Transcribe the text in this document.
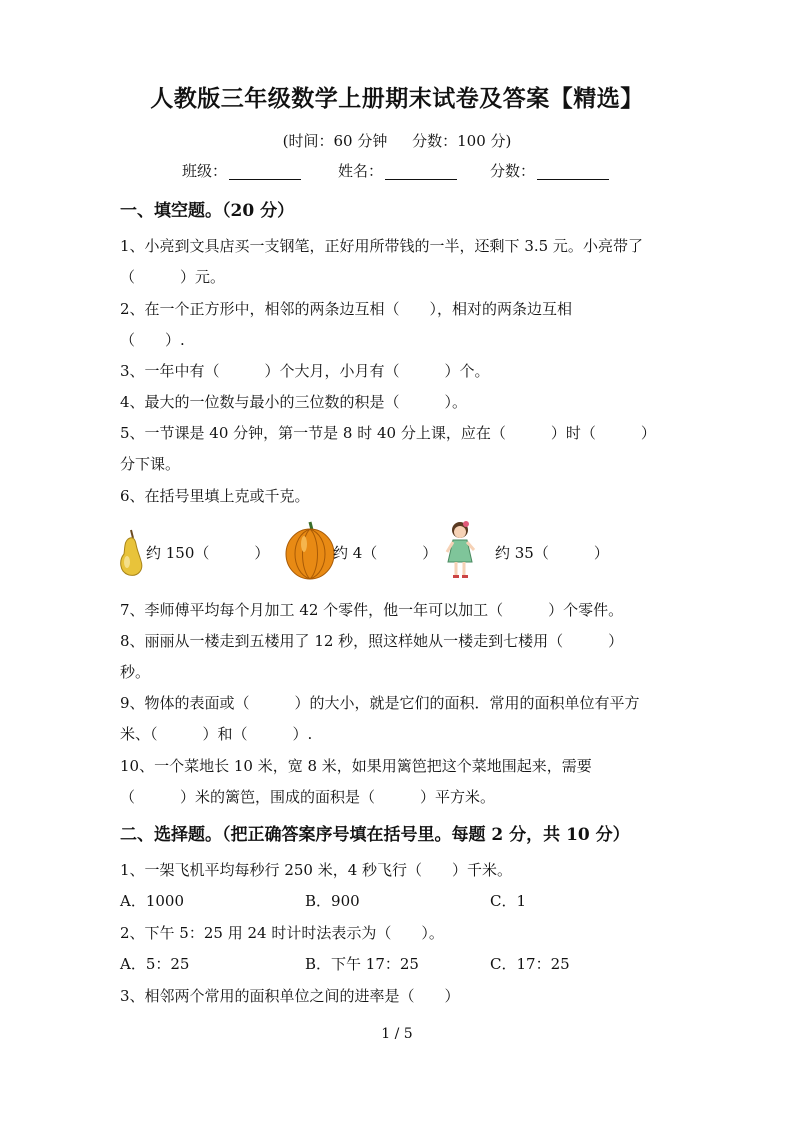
人教版三年级数学上册期末试卷及答案【精选】
(时间：60 分钟 分数：100 分)
班级：	姓名：	分数：
一、填空题。（20 分）
1、小亮到文具店买一支钢笔，正好用所带钱的一半，还剩下 3.5 元。小亮带了
（　　　）元。
2、在一个正方形中，相邻的两条边互相（　　），相对的两条边互相
（　　）.
3、一年中有（　　　）个大月，小月有（　　　）个。
4、最大的一位数与最小的三位数的积是（　　　）。
5、一节课是 40 分钟，第一节是 8 时 40 分上课，应在（　　　）时（　　　）
分下课。
6、在括号里填上克或千克。
约 150（　　　）	约 4（　　　）	约 35（　　　）
7、李师傅平均每个月加工 42 个零件，他一年可以加工（　　　）个零件。
8、丽丽从一楼走到五楼用了 12 秒，照这样她从一楼走到七楼用（　　　）
秒。
9、物体的表面或（　　　）的大小，就是它们的面积．常用的面积单位有平方
米、（　　　）和（　　　）.
10、一个菜地长 10 米，宽 8 米，如果用篱笆把这个菜地围起来，需要
（　　　）米的篱笆，围成的面积是（　　　）平方米。
二、选择题。（把正确答案序号填在括号里。每题 2 分，共 10 分）
1、一架飞机平均每秒行 250 米，4 秒飞行（　　）千米。
A．1000	B．900	C．1
2、下午 5：25 用 24 时计时法表示为（　　）。
A．5：25	B．下午 17：25	C．17：25
3、相邻两个常用的面积单位之间的进率是（　　）
1 / 5
